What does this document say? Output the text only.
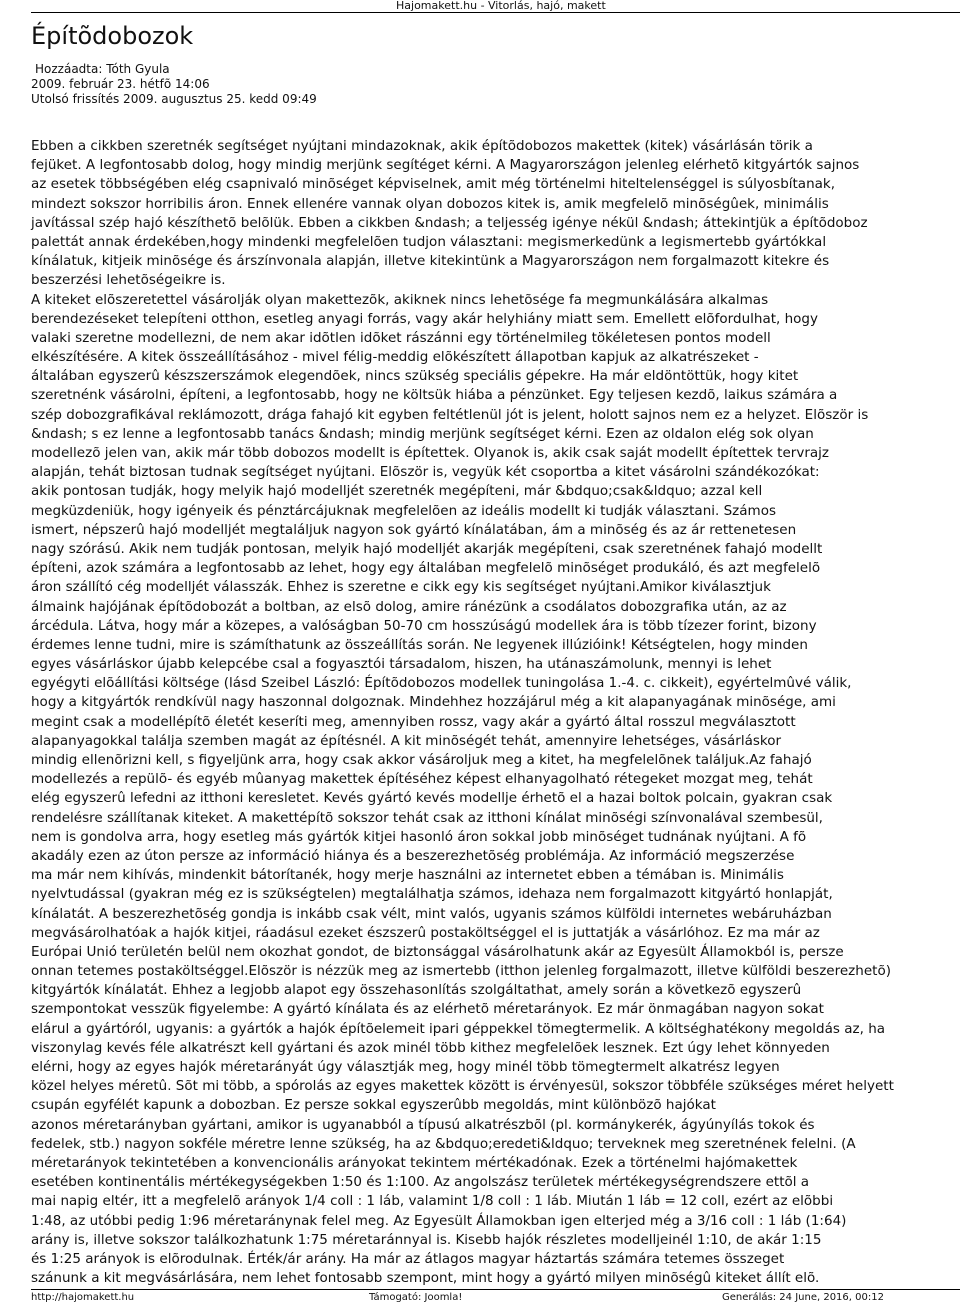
Hajomakett.hu - Vitorlás, hajó, makett
Építõdobozok
Hozzáadta: Tóth Gyula
2009. február 23. hétfõ 14:06
Utolsó frissítés 2009. augusztus 25. kedd 09:49
Ebben a cikkben szeretnék segítséget nyújtani mindazoknak, akik építõdobozos makettek (kitek) vásárlásán törik a
fejüket. A legfontosabb dolog, hogy mindig merjünk segítéget kérni. A Magyarországon jelenleg elérhetõ kitgyártók sajnos
az esetek többségében elég csapnivaló minõséget képviselnek, amit még történelmi hiteltelenséggel is súlyosbítanak,
mindezt sokszor horribilis áron. Ennek ellenére vannak olyan dobozos kitek is, amik megfelelõ minõségûek, minimális
javítással szép hajó készíthetõ belõlük. Ebben a cikkben &ndash; a teljesség igénye nékül &ndash; áttekintjük a építõdoboz
palettát annak érdekében,hogy mindenki megfelelõen tudjon választani: megismerkedünk a legismertebb gyártókkal
kínálatuk, kitjeik minõsége és árszínvonala alapján, illetve kitekintünk a Magyarországon nem forgalmazott kitekre és
beszerzési lehetõségeikre is.
A kiteket elõszeretettel vásárolják olyan makettezõk, akiknek nincs lehetõsége fa megmunkálására alkalmas
berendezéseket telepíteni otthon, esetleg anyagi forrás, vagy akár helyhiány miatt sem. Emellett elõfordulhat, hogy
valaki szeretne modellezni, de nem akar idõtlen idõket rászánni egy történelmileg tökéletesen pontos modell
elkészítésére. A kitek összeállításához - mivel félig-meddig elõkészített állapotban kapjuk az alkatrészeket -
általában egyszerû készszerszámok elegendõek, nincs szükség speciális gépekre. Ha már eldöntöttük, hogy kitet
szeretnénk vásárolni, építeni, a legfontosabb, hogy ne költsük hiába a pénzünket. Egy teljesen kezdõ, laikus számára a
szép dobozgrafikával reklámozott, drága fahajó kit egyben feltétlenül jót is jelent, holott sajnos nem ez a helyzet. Elõször is
&ndash; s ez lenne a legfontosabb tanács &ndash; mindig merjünk segítséget kérni. Ezen az oldalon elég sok olyan
modellezõ jelen van, akik már több dobozos modellt is építettek. Olyanok is, akik csak saját modellt építettek tervrajz
alapján, tehát biztosan tudnak segítséget nyújtani. Elõször is, vegyük két csoportba a kitet vásárolni szándékozókat:
akik pontosan tudják, hogy melyik hajó modelljét szeretnék megépíteni, már &bdquo;csak&ldquo; azzal kell
megküzdeniük, hogy igényeik és pénztárcájuknak megfelelõen az ideális modellt ki tudják választani. Számos
ismert, népszerû hajó modelljét megtaláljuk nagyon sok gyártó kínálatában, ám a minõség és az ár rettenetesen
nagy szórású. Akik nem tudják pontosan, melyik hajó modelljét akarják megépíteni, csak szeretnének fahajó modellt
építeni, azok számára a legfontosabb az lehet, hogy egy általában megfelelõ minõséget produkáló, és azt megfelelõ
áron szállító cég modelljét válasszák. Ehhez is szeretne e cikk egy kis segítséget nyújtani.Amikor kiválasztjuk
álmaink hajójának építõdobozát a boltban, az elsõ dolog, amire ránézünk a csodálatos dobozgrafika után, az az
árcédula. Látva, hogy már a közepes, a valóságban 50-70 cm hosszúságú modellek ára is több tízezer forint, bizony
érdemes lenne tudni, mire is számíthatunk az összeállítás során. Ne legyenek illúzióink! Kétségtelen, hogy minden
egyes vásárláskor újabb kelepcébe csal a fogyasztói társadalom, hiszen, ha utánaszámolunk, mennyi is lehet
egyégyti elõállítási költsége (lásd Szeibel László: Építõdobozos modellek tuningolása 1.-4. c. cikkeit), egyértelmûvé válik,
hogy a kitgyártók rendkívül nagy haszonnal dolgoznak. Mindehhez hozzájárul még a kit alapanyagának minõsége, ami
megint csak a modellépítõ életét keseríti meg, amennyiben rossz, vagy akár a gyártó által rosszul megválasztott
alapanyagokkal találja szemben magát az építésnél. A kit minõségét tehát, amennyire lehetséges, vásárláskor
mindig ellenõrizni kell, s figyeljünk arra, hogy csak akkor vásároljuk meg a kitet, ha megfelelõnek találjuk.Az fahajó
modellezés a repülõ- és egyéb mûanyag makettek építéséhez képest elhanyagolható rétegeket mozgat meg, tehát
elég egyszerû lefedni az itthoni keresletet. Kevés gyártó kevés modellje érhetõ el a hazai boltok polcain, gyakran csak
rendelésre szállítanak kiteket. A makettépítõ sokszor tehát csak az itthoni kínálat minõségi színvonalával szembesül,
nem is gondolva arra, hogy esetleg más gyártók kitjei hasonló áron sokkal jobb minõséget tudnának nyújtani. A fõ
akadály ezen az úton persze az információ hiánya és a beszerezhetõség problémája. Az információ megszerzése
ma már nem kihívás, mindenkit bátorítanék, hogy merje használni az internetet ebben a témában is. Minimális
nyelvtudással (gyakran még ez is szükségtelen) megtalálhatja számos, idehaza nem forgalmazott kitgyártó honlapját,
kínálatát. A beszerezhetõség gondja is inkább csak vélt, mint valós, ugyanis számos külföldi internetes webáruházban
megvásárolhatóak a hajók kitjei, ráadásul ezeket észszerû postaköltséggel el is juttatják a vásárlóhoz. Ez ma már az
Európai Unió területén belül nem okozhat gondot, de biztonsággal vásárolhatunk akár az Egyesült Államokból is, persze
onnan tetemes postaköltséggel.Elõször is nézzük meg az ismertebb (itthon jelenleg forgalmazott, illetve külföldi beszerezhetõ)
kitgyártók kínálatát. Ehhez a legjobb alapot egy összehasonlítás szolgáltathat, amely során a következõ egyszerû
szempontokat vesszük figyelembe: A gyártó kínálata és az elérhetõ méretarányok. Ez már önmagában nagyon sokat
elárul a gyártóról, ugyanis: a gyártók a hajók építõelemeit ipari géppekkel tömegtermelik. A költséghatékony megoldás az, ha
viszonylag kevés féle alkatrészt kell gyártani és azok minél több kithez megfelelõek lesznek. Ezt úgy lehet könnyeden
elérni, hogy az egyes hajók méretarányát úgy választják meg, hogy minél több tömegtermelt alkatrész legyen
közel helyes méretû. Sõt mi több, a spórolás az egyes makettek között is érvényesül, sokszor többféle szükséges méret helyett
csupán egyfélét kapunk a dobozban. Ez persze sokkal egyszerûbb megoldás, mint különbözõ hajókat
azonos méretarányban gyártani, amikor is ugyanabból a típusú alkatrészbõl (pl. kormánykerék, ágyúnyílás tokok és
fedelek, stb.) nagyon sokféle méretre lenne szükség, ha az &bdquo;eredeti&ldquo; terveknek meg szeretnének felelni. (A
méretarányok tekintetében a konvencionális arányokat tekintem mértékadónak. Ezek a történelmi hajómakettek
esetében kontinentális mértékegységekben 1:50 és 1:100. Az angolszász területek mértékegységrendszere ettõl a
mai napig eltér, itt a megfelelõ arányok 1/4 coll : 1 láb, valamint 1/8 coll : 1 láb. Miután 1 láb = 12 coll, ezért az elõbbi
1:48, az utóbbi pedig 1:96 méretaránynak felel meg. Az Egyesült Államokban igen elterjed még a 3/16 coll : 1 láb (1:64)
arány is, illetve sokszor találkozhatunk 1:75 méretaránnyal is. Kisebb hajók részletes modelljeinél 1:10, de akár 1:15
és 1:25 arányok is elõrodulnak. Érték/ár arány. Ha már az átlagos magyar háztartás számára tetemes összeget
szánunk a kit megvásárlására, nem lehet fontosabb szempont, mint hogy a gyártó milyen minõségû kiteket állít elõ.
http://hajomakett.hu	Támogató: Joomla!	Generálás: 24 June, 2016, 00:12
